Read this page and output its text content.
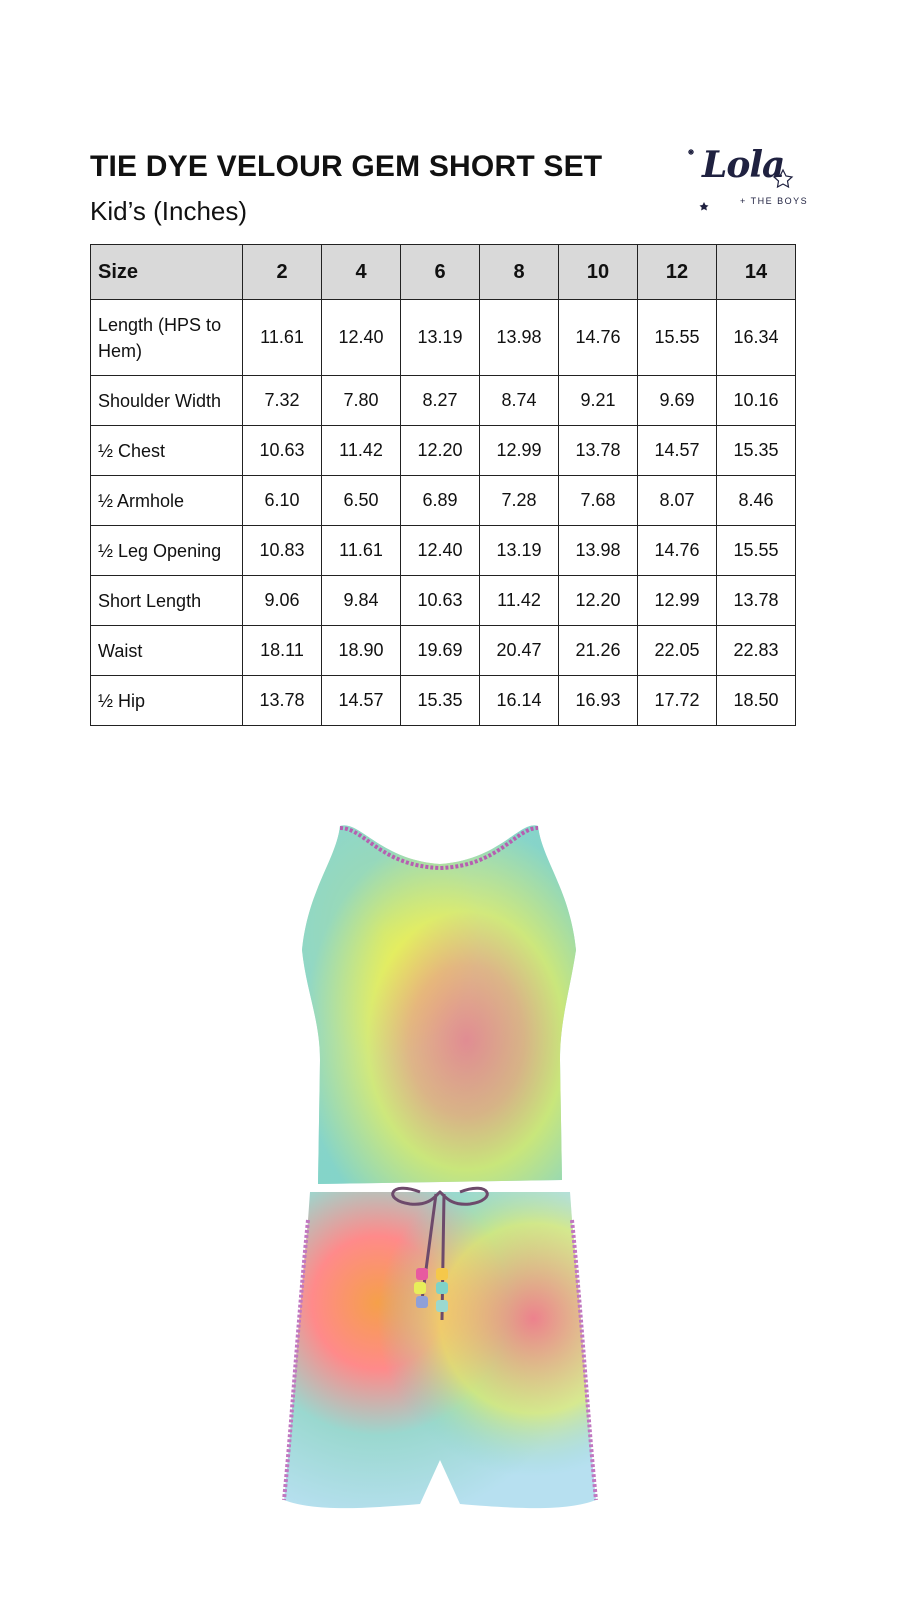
TIE DYE VELOUR GEM SHORT SET
Kid’s (Inches)
Lola
+ THE BOYS
Size	2	4	6	8	10	12	14
Length (HPS to Hem)	11.61	12.40	13.19	13.98	14.76	15.55	16.34
Shoulder Width	7.32	7.80	8.27	8.74	9.21	9.69	10.16
½ Chest	10.63	11.42	12.20	12.99	13.78	14.57	15.35
½ Armhole	6.10	6.50	6.89	7.28	7.68	8.07	8.46
½ Leg Opening	10.83	11.61	12.40	13.19	13.98	14.76	15.55
Short Length	9.06	9.84	10.63	11.42	12.20	12.99	13.78
Waist	18.11	18.90	19.69	20.47	21.26	22.05	22.83
½ Hip	13.78	14.57	15.35	16.14	16.93	17.72	18.50
